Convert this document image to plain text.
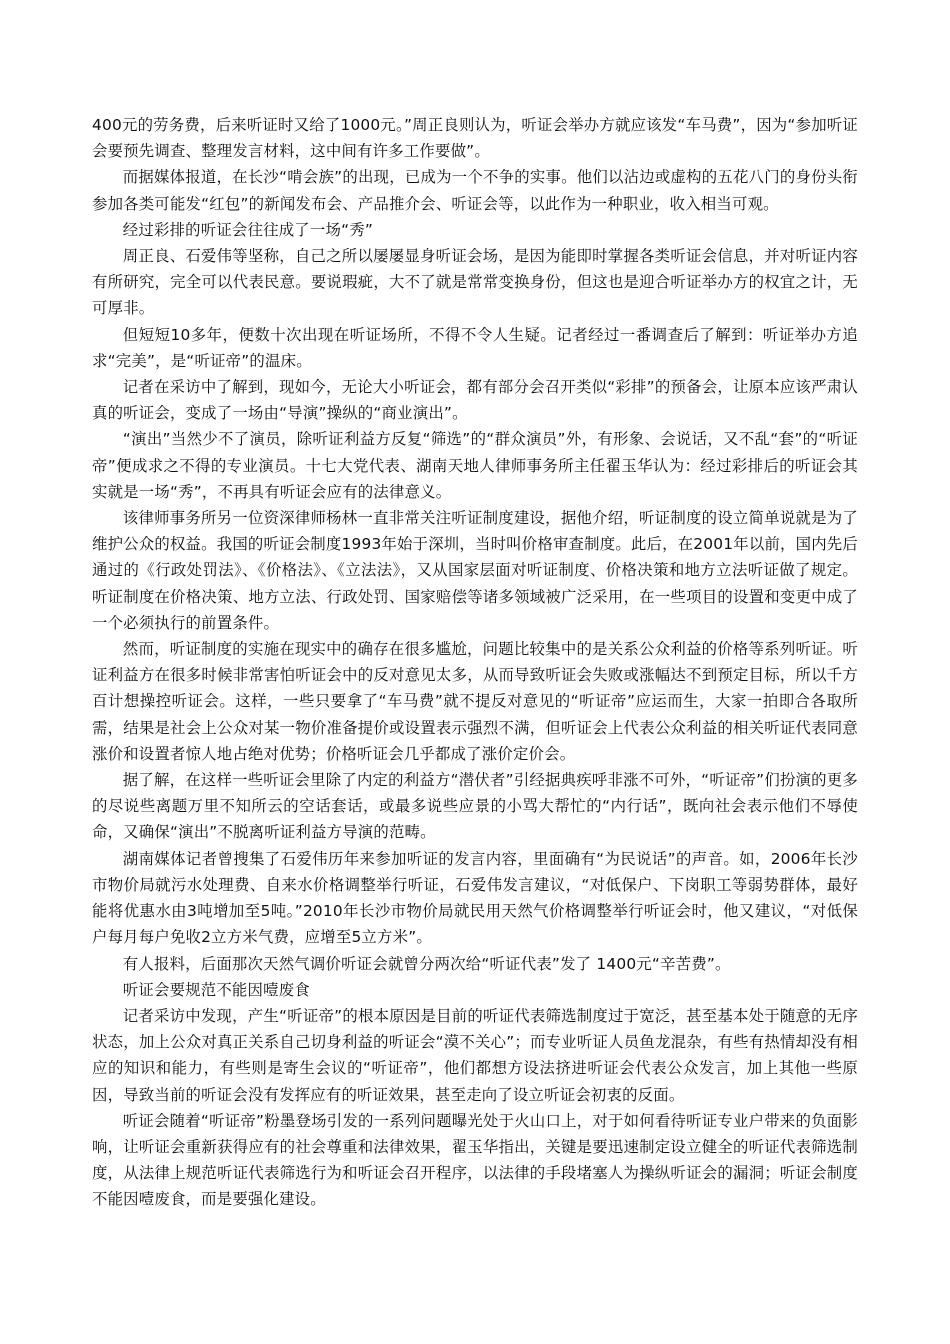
400元的劳务费，后来听证时又给了1000元。”周正良则认为，听证会举办方就应该发“车马费”，因为“参加听证会要预先调查、整理发言材料，这中间有许多工作要做”。

而据媒体报道，在长沙“啃会族”的出现，已成为一个不争的实事。他们以沾边或虚构的五花八门的身份头衔参加各类可能发“红包”的新闻发布会、产品推介会、听证会等，以此作为一种职业，收入相当可观。

经过彩排的听证会往往成了一场“秀”

周正良、石爱伟等坚称，自己之所以屡屡显身听证会场，是因为能即时掌握各类听证会信息，并对听证内容有所研究，完全可以代表民意。要说瑕疵，大不了就是常常变换身份，但这也是迎合听证举办方的权宜之计，无可厚非。

但短短10多年，便数十次出现在听证场所，不得不令人生疑。记者经过一番调查后了解到：听证举办方追求“完美”，是“听证帝”的温床。

记者在采访中了解到，现如今，无论大小听证会，都有部分会召开类似“彩排”的预备会，让原本应该严肃认真的听证会，变成了一场由“导演”操纵的“商业演出”。

“演出”当然少不了演员，除听证利益方反复“筛选”的“群众演员”外，有形象、会说话，又不乱“套”的“听证帝”便成求之不得的专业演员。十七大党代表、湖南天地人律师事务所主任翟玉华认为：经过彩排后的听证会其实就是一场“秀”，不再具有听证会应有的法律意义。

该律师事务所另一位资深律师杨林一直非常关注听证制度建设，据他介绍，听证制度的设立简单说就是为了维护公众的权益。我国的听证会制度1993年始于深圳，当时叫价格审查制度。此后，在2001年以前，国内先后通过的《行政处罚法》、《价格法》、《立法法》，又从国家层面对听证制度、价格决策和地方立法听证做了规定。听证制度在价格决策、地方立法、行政处罚、国家赔偿等诸多领域被广泛采用，在一些项目的设置和变更中成了一个必须执行的前置条件。

然而，听证制度的实施在现实中的确存在很多尴尬，问题比较集中的是关系公众利益的价格等系列听证。听证利益方在很多时候非常害怕听证会中的反对意见太多，从而导致听证会失败或涨幅达不到预定目标，所以千方百计想操控听证会。这样，一些只要拿了“车马费”就不提反对意见的“听证帝”应运而生，大家一拍即合各取所需，结果是社会上公众对某一物价准备提价或设置表示强烈不满，但听证会上代表公众利益的相关听证代表同意涨价和设置者惊人地占绝对优势；价格听证会几乎都成了涨价定价会。

据了解，在这样一些听证会里除了内定的利益方“潜伏者”引经据典疾呼非涨不可外，“听证帝”们扮演的更多的尽说些离题万里不知所云的空话套话，或最多说些应景的小骂大帮忙的“内行话”，既向社会表示他们不辱使命，又确保“演出”不脱离听证利益方导演的范畴。

湖南媒体记者曾搜集了石爱伟历年来参加听证的发言内容，里面确有“为民说话”的声音。如，2006年长沙市物价局就污水处理费、自来水价格调整举行听证，石爱伟发言建议，“对低保户、下岗职工等弱势群体，最好能将优惠水由3吨增加至5吨。”2010年长沙市物价局就民用天然气价格调整举行听证会时，他又建议，“对低保户每月每户免收2立方米气费，应增至5立方米”。

有人报料，后面那次天然气调价听证会就曾分两次给“听证代表”发了 1400元“辛苦费”。

听证会要规范不能因噎废食

记者采访中发现，产生“听证帝”的根本原因是目前的听证代表筛选制度过于宽泛，甚至基本处于随意的无序状态，加上公众对真正关系自己切身利益的听证会“漠不关心”；而专业听证人员鱼龙混杂，有些有热情却没有相应的知识和能力，有些则是寄生会议的“听证帝”，他们都想方设法挤进听证会代表公众发言，加上其他一些原因，导致当前的听证会没有发挥应有的听证效果，甚至走向了设立听证会初衷的反面。

听证会随着“听证帝”粉墨登场引发的一系列问题曝光处于火山口上，对于如何看待听证专业户带来的负面影响，让听证会重新获得应有的社会尊重和法律效果，翟玉华指出，关键是要迅速制定设立健全的听证代表筛选制度，从法律上规范听证代表筛选行为和听证会召开程序，以法律的手段堵塞人为操纵听证会的漏洞；听证会制度不能因噎废食，而是要强化建设。
